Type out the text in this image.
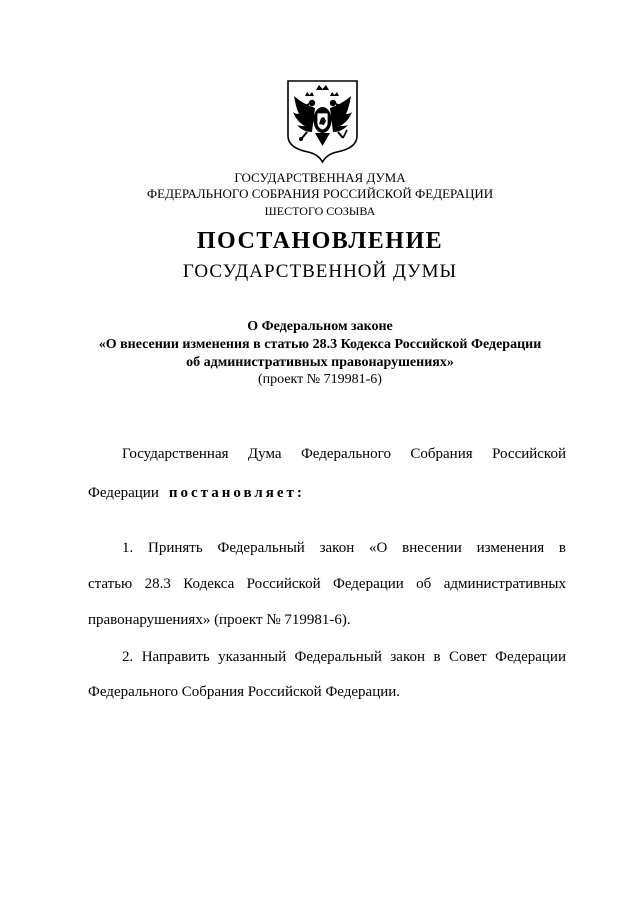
ГОСУДАРСТВЕННАЯ ДУМА
ФЕДЕРАЛЬНОГО СОБРАНИЯ РОССИЙСКОЙ ФЕДЕРАЦИИ
ШЕСТОГО СОЗЫВА
ПОСТАНОВЛЕНИЕ
ГОСУДАРСТВЕННОЙ ДУМЫ
О Федеральном законе
«О внесении изменения в статью 28.3 Кодекса Российской Федерации
об административных правонарушениях»
(проект № 719981-6)
Государственная Дума Федерального Собрания Российской
Федерации постановляет:
1. Принять Федеральный закон «О внесении изменения в
статью 28.3 Кодекса Российской Федерации об административных
правонарушениях» (проект № 719981-6).
2. Направить указанный Федеральный закон в Совет Федерации
Федерального Собрания Российской Федерации.
